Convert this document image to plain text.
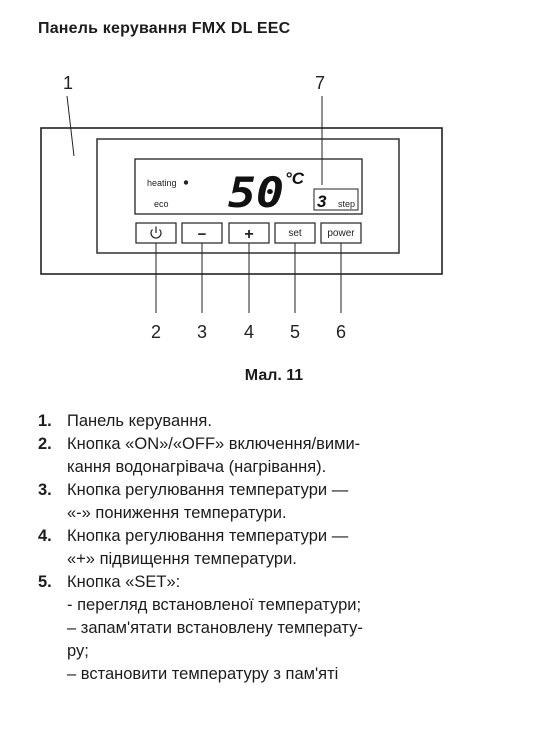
Панель керування FMX DL EEC
1	7
heating
eco 50 °C
3 step
− +	set	power
2 3 4 5 6
Мал. 11
1. Панель керування.
2. Кнопка «ON»/«OFF» включення/вими-
кання водонагрівача (нагрівання).
3. Кнопка регулювання температури —
«-» пониження температури.
4. Кнопка регулювання температури —
«+» підвищення температури.
5. Кнопка «SET»:
- перегляд встановленої температури;
– запам'ятати встановлену температу-
ру;
– встановити температуру з пам'яті
